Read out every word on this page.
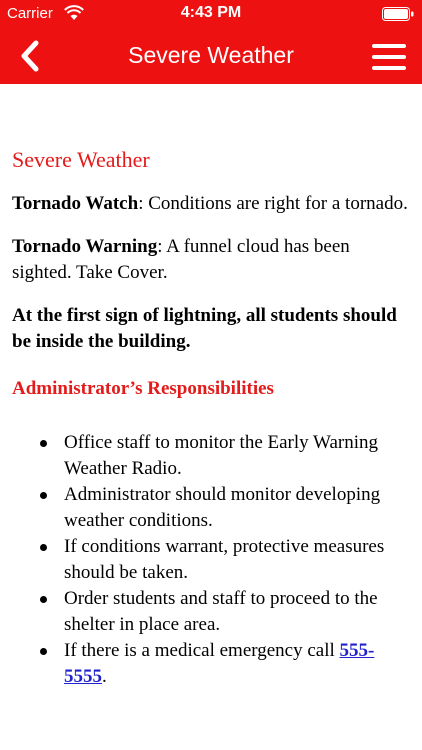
Carrier	4:43 PM
Severe Weather
Severe Weather

Tornado Watch: Conditions are right for a tornado.

Tornado Warning: A funnel cloud has been sighted. Take Cover.

At the first sign of lightning, all students should be inside the building.

Administrator’s Responsibilities
Office staff to monitor the Early Warning Weather Radio.
Administrator should monitor developing weather conditions.
If conditions warrant, protective measures should be taken.
Order students and staff to proceed to the shelter in place area.
If there is a medical emergency call 555-5555.
